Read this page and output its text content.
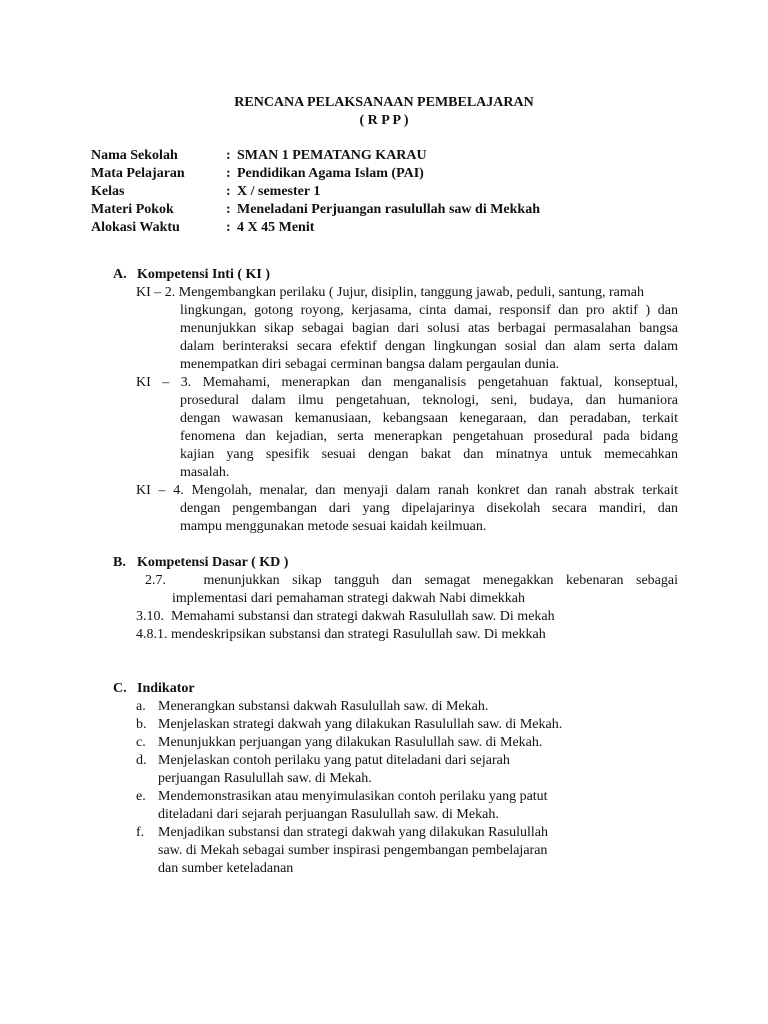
RENCANA PELAKSANAAN PEMBELAJARAN
( R P P )
Nama Sekolah	: SMAN 1 PEMATANG KARAU
Mata Pelajaran	: Pendidikan Agama Islam (PAI)
Kelas	: X / semester 1
Materi Pokok	: Meneladani Perjuangan rasulullah saw di Mekkah
Alokasi Waktu	: 4 X 45 Menit
A. Kompetensi Inti ( KI )
KI – 2. Mengembangkan perilaku ( Jujur, disiplin, tanggung jawab, peduli, santung, ramah
lingkungan, gotong royong, kerjasama, cinta damai, responsif dan pro aktif ) dan
menunjukkan sikap sebagai bagian dari solusi atas berbagai permasalahan bangsa
dalam berinteraksi secara efektif dengan lingkungan sosial dan alam serta dalam
menempatkan diri sebagai cerminan bangsa dalam pergaulan dunia.
KI – 3. Memahami, menerapkan dan menganalisis pengetahuan faktual, konseptual,
prosedural dalam ilmu pengetahuan, teknologi, seni, budaya, dan humaniora
dengan wawasan kemanusiaan, kebangsaan kenegaraan, dan peradaban, terkait
fenomena dan kejadian, serta menerapkan pengetahuan prosedural pada bidang
kajian yang spesifik sesuai dengan bakat dan minatnya untuk memecahkan
masalah.
KI – 4. Mengolah, menalar, dan menyaji dalam ranah konkret dan ranah abstrak terkait
dengan pengembangan dari yang dipelajarinya disekolah secara mandiri, dan
mampu menggunakan metode sesuai kaidah keilmuan.
B. Kompetensi Dasar ( KD )
2.7.   menunjukkan sikap tangguh dan semagat menegakkan kebenaran sebagai
implementasi dari pemahaman strategi dakwah Nabi dimekkah
3.10.  Memahami substansi dan strategi dakwah Rasulullah saw. Di mekah
4.8.1. mendeskripsikan substansi dan strategi Rasulullah saw. Di mekkah
C. Indikator
a. Menerangkan substansi dakwah Rasulullah saw. di Mekah.
b. Menjelaskan strategi dakwah yang dilakukan Rasulullah saw. di Mekah.
c. Menunjukkan perjuangan yang dilakukan Rasulullah saw. di Mekah.
d. Menjelaskan contoh perilaku yang patut diteladani dari sejarah
perjuangan Rasulullah saw. di Mekah.
e. Mendemonstrasikan atau menyimulasikan contoh perilaku yang patut
diteladani dari sejarah perjuangan Rasulullah saw. di Mekah.
f. Menjadikan substansi dan strategi dakwah yang dilakukan Rasulullah
saw. di Mekah sebagai sumber inspirasi pengembangan pembelajaran
dan sumber keteladanan
